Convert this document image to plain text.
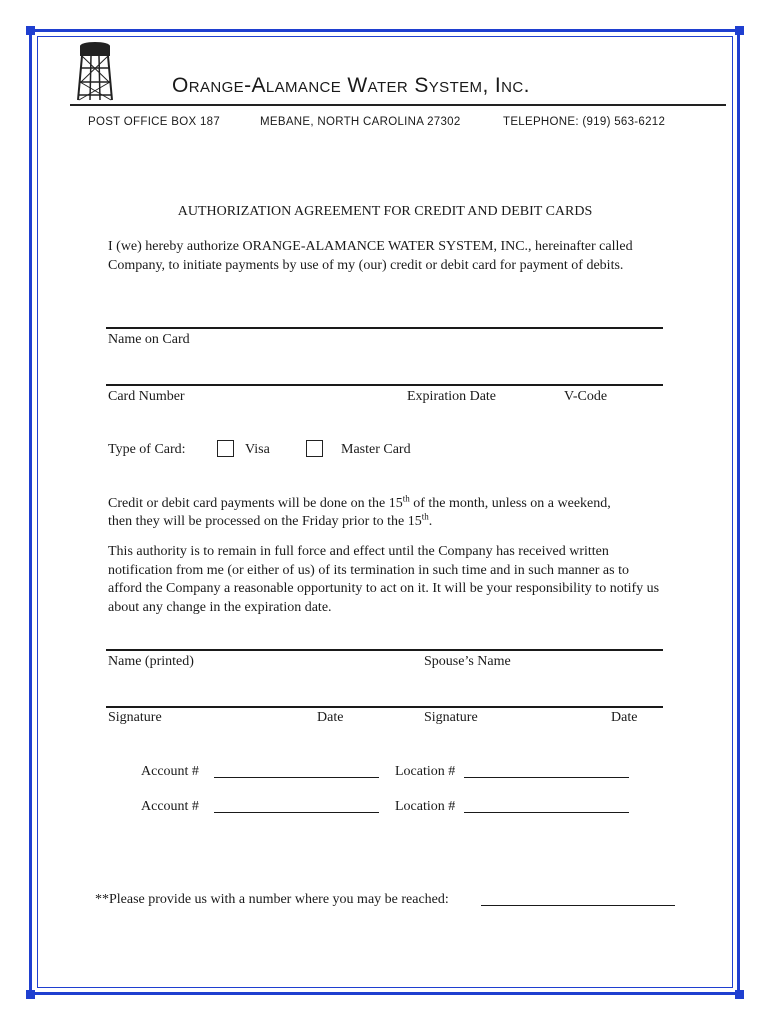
Orange-Alamance Water System, Inc.
POST OFFICE BOX 187	MEBANE, NORTH CAROLINA 27302	TELEPHONE: (919) 563-6212
AUTHORIZATION AGREEMENT FOR CREDIT AND DEBIT CARDS
I (we) hereby authorize ORANGE-ALAMANCE WATER SYSTEM, INC., hereinafter called Company, to initiate payments by use of my (our) credit or debit card for payment of debits.
Name on Card
Card Number	Expiration Date	V-Code
Type of Card:	Visa	Master Card
Credit or debit card payments will be done on the 15th of the month, unless on a weekend,
then they will be processed on the Friday prior to the 15th.
This authority is to remain in full force and effect until the Company has received written notification from me (or either of us) of its termination in such time and in such manner as to afford the Company a reasonable opportunity to act on it. It will be your responsibility to notify us about any change in the expiration date.
Name (printed)	Spouse’s Name
Signature	Date	Signature	Date
Account #	Location #
Account #	Location #
**Please provide us with a number where you may be reached:
